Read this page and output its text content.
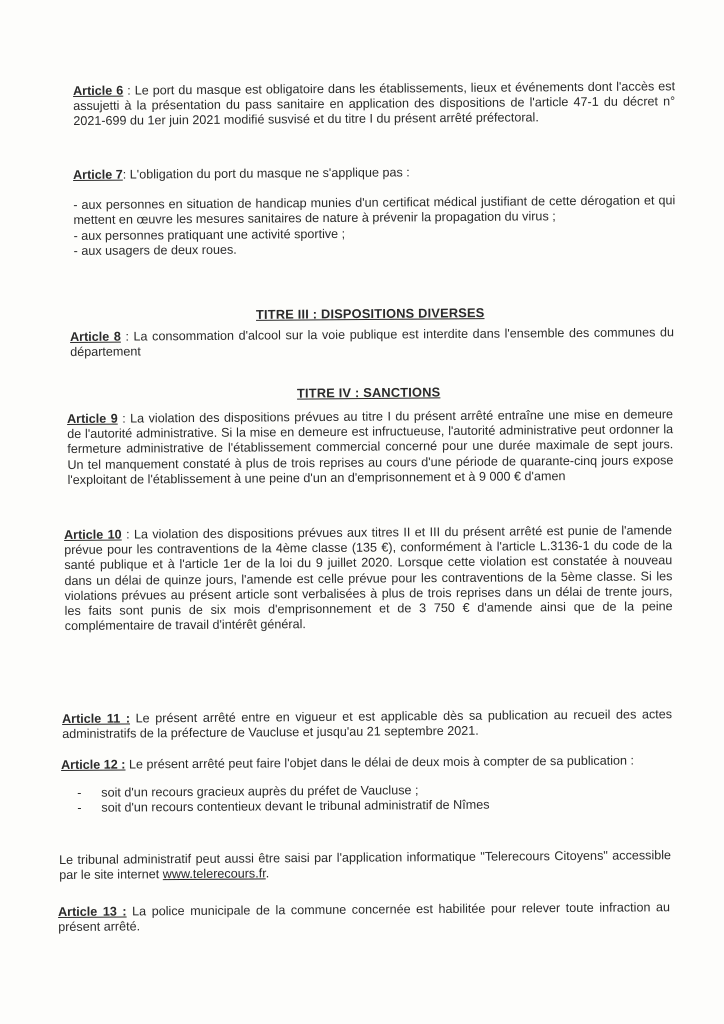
Article 6 : Le port du masque est obligatoire dans les établissements, lieux et événements dont l'accès est assujetti à la présentation du pass sanitaire en application des dispositions de l'article 47-1 du décret n° 2021-699 du 1er juin 2021 modifié susvisé et du titre I du présent arrêté préfectoral.

Article 7: L'obligation du port du masque ne s'applique pas :

- aux personnes en situation de handicap munies d'un certificat médical justifiant de cette dérogation et qui mettent en œuvre les mesures sanitaires de nature à prévenir la propagation du virus ;
- aux personnes pratiquant une activité sportive ;
- aux usagers de deux roues.
TITRE III : DISPOSITIONS DIVERSES
Article 8 : La consommation d'alcool sur la voie publique est interdite dans l'ensemble des communes du département
TITRE IV : SANCTIONS
Article 9 : La violation des dispositions prévues au titre I du présent arrêté entraîne une mise en demeure de l'autorité administrative. Si la mise en demeure est infructueuse, l'autorité administrative peut ordonner la fermeture administrative de l'établissement commercial concerné pour une durée maximale de sept jours. Un tel manquement constaté à plus de trois reprises au cours d'une période de quarante-cinq jours expose l'exploitant de l'établissement à une peine d'un an d'emprisonnement et à 9 000 € d'amen
Article 10 : La violation des dispositions prévues aux titres II et III du présent arrêté est punie de l'amende prévue pour les contraventions de la 4ème classe (135 €), conformément à l'article L.3136-1 du code de la santé publique et à l'article 1er de la loi du 9 juillet 2020. Lorsque cette violation est constatée à nouveau dans un délai de quinze jours, l'amende est celle prévue pour les contraventions de la 5ème classe. Si les violations prévues au présent article sont verbalisées à plus de trois reprises dans un délai de trente jours, les faits sont punis de six mois d'emprisonnement et de 3 750 € d'amende ainsi que de la peine complémentaire de travail d'intérêt général.
Article 11 : Le présent arrêté entre en vigueur et est applicable dès sa publication au recueil des actes administratifs de la préfecture de Vaucluse et jusqu'au 21 septembre 2021.

Article 12 : Le présent arrêté peut faire l'objet dans le délai de deux mois à compter de sa publication :

- soit d'un recours gracieux auprès du préfet de Vaucluse ;
- soit d'un recours contentieux devant le tribunal administratif de Nîmes
Le tribunal administratif peut aussi être saisi par l'application informatique "Telerecours Citoyens" accessible par le site internet www.telerecours.fr.
Article 13 : La police municipale de la commune concernée est habilitée pour relever toute infraction au présent arrêté.
